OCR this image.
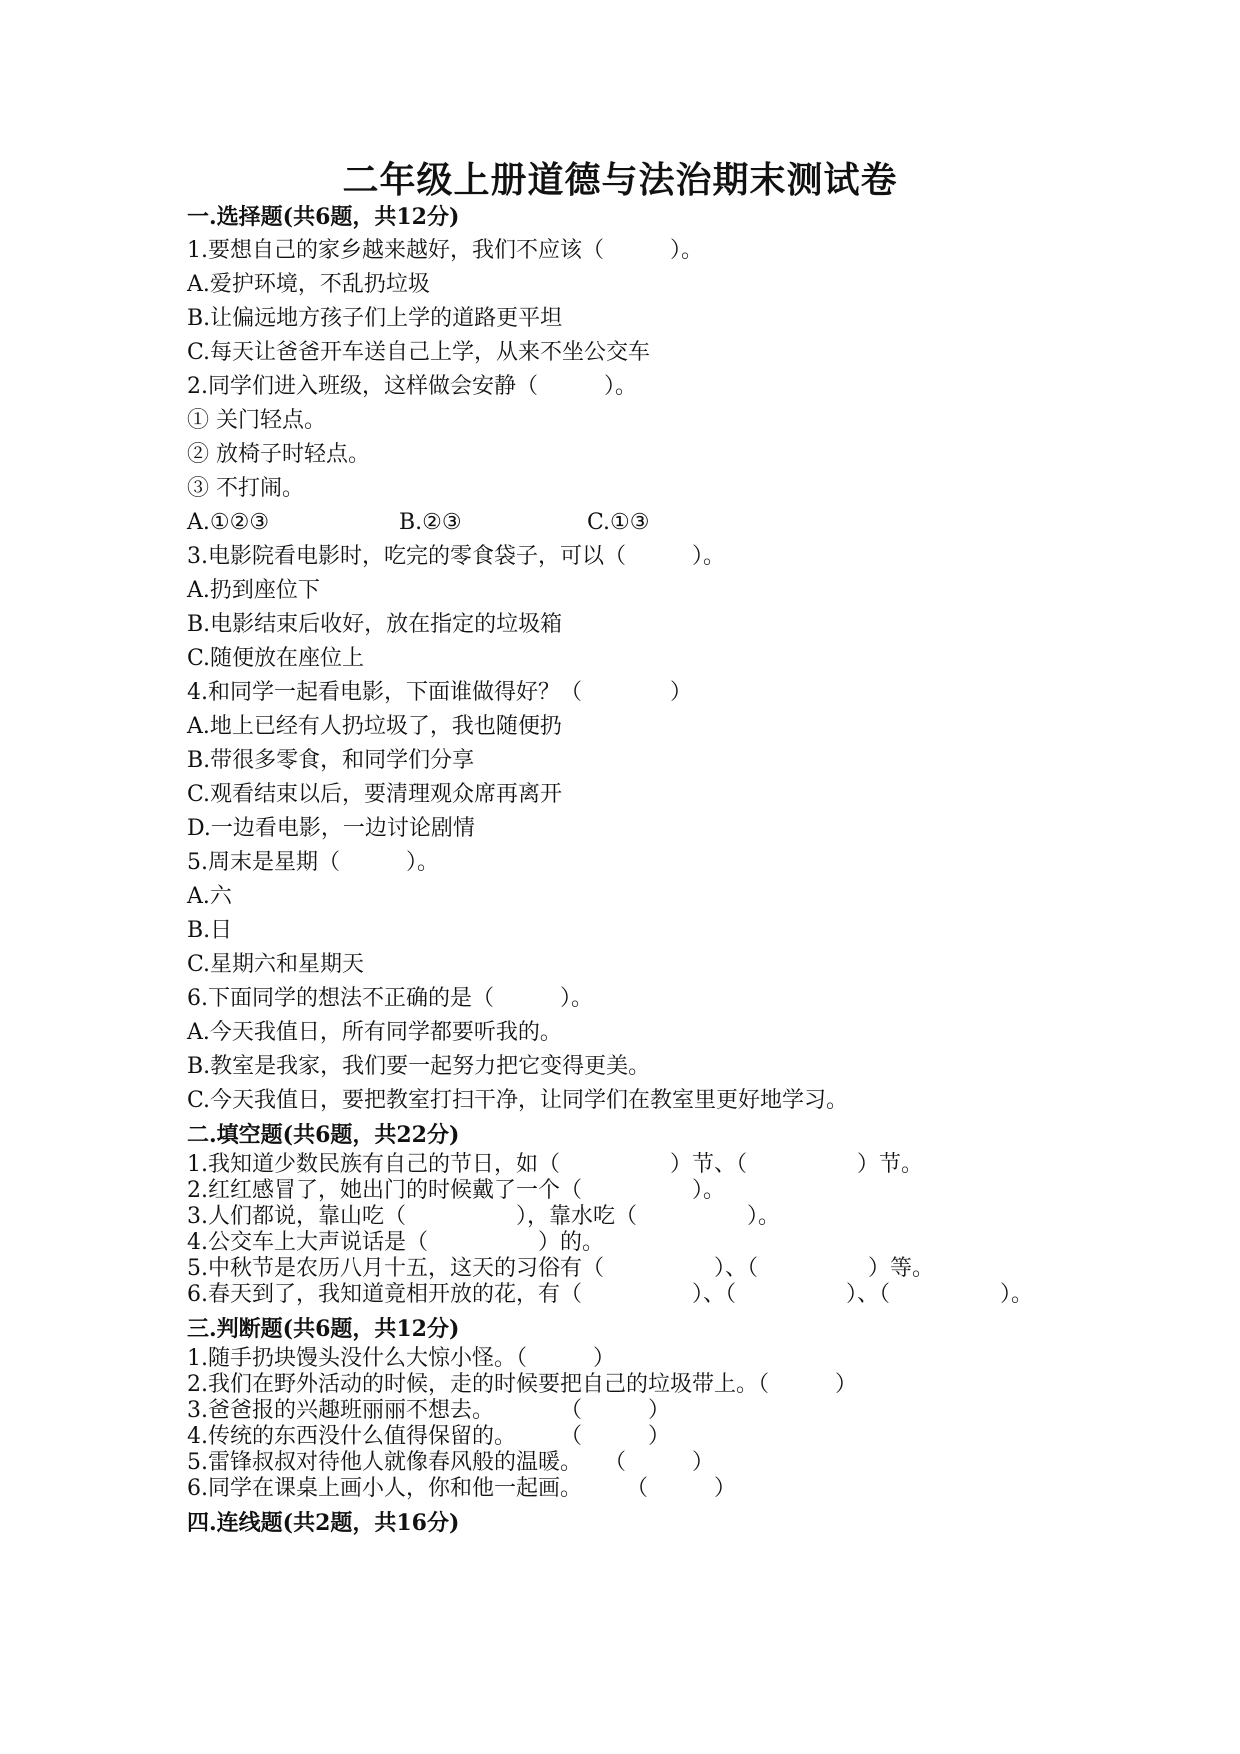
二年级上册道德与法治期末测试卷
一.选择题(共6题，共12分)
1.要想自己的家乡越来越好，我们不应该（　　　）。
A.爱护环境，不乱扔垃圾
B.让偏远地方孩子们上学的道路更平坦
C.每天让爸爸开车送自己上学，从来不坐公交车
2.同学们进入班级，这样做会安静（　　　）。
① 关门轻点。
② 放椅子时轻点。
③ 不打闹。
A.①②③	B.②③	C.①③
3.电影院看电影时，吃完的零食袋子，可以（　　　）。
A.扔到座位下
B.电影结束后收好，放在指定的垃圾箱
C.随便放在座位上
4.和同学一起看电影，下面谁做得好？（　　　　）
A.地上已经有人扔垃圾了，我也随便扔
B.带很多零食，和同学们分享
C.观看结束以后，要清理观众席再离开
D.一边看电影，一边讨论剧情
5.周末是星期（　　　）。
A.六
B.日
C.星期六和星期天
6.下面同学的想法不正确的是（　　　）。
A.今天我值日，所有同学都要听我的。
B.教室是我家，我们要一起努力把它变得更美。
C.今天我值日，要把教室打扫干净，让同学们在教室里更好地学习。
二.填空题(共6题，共22分)
1.我知道少数民族有自己的节日，如（　　　　　）节、（　　　　　）节。
2.红红感冒了，她出门的时候戴了一个（　　　　　）。
3.人们都说，靠山吃（　　　　　），靠水吃（　　　　　）。
4.公交车上大声说话是（　　　　　）的。
5.中秋节是农历八月十五，这天的习俗有（　　　　　）、（　　　　　）等。
6.春天到了，我知道竟相开放的花，有（　　　　　）、（　　　　　）、（　　　　　）。
三.判断题(共6题，共12分)
1.随手扔块馒头没什么大惊小怪。（　　　）
2.我们在野外活动的时候，走的时候要把自己的垃圾带上。（　　　）
3.爸爸报的兴趣班丽丽不想去。　　　　（　　　）
4.传统的东西没什么值得保留的。　　　（　　　）
5.雷锋叔叔对待他人就像春风般的温暖。　　（　　　）
6.同学在课桌上画小人，你和他一起画。　　　（　　　）
四.连线题(共2题，共16分)
